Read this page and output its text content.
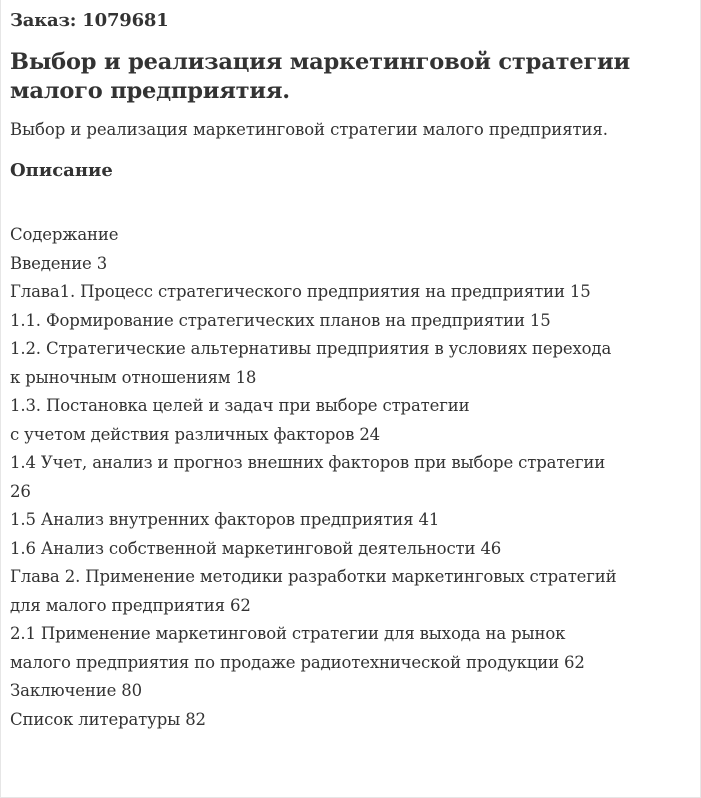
Заказ: 1079681
Выбор и реализация маркетинговой стратегии малого предприятия.
Выбор и реализация маркетинговой стратегии малого предприятия.
Описание
Содержание
Введение 3
Глава1. Процесс стратегического предприятия на предприятии 15
1.1. Формирование стратегических планов на предприятии 15
1.2. Стратегические альтернативы предприятия в условиях перехода
к рыночным отношениям 18
1.3. Постановка целей и задач при выборе стратегии
с учетом действия различных факторов 24
1.4 Учет, анализ и прогноз внешних факторов при выборе стратегии
26
1.5 Анализ внутренних факторов предприятия 41
1.6 Анализ собственной маркетинговой деятельности 46
Глава 2. Применение методики разработки маркетинговых стратегий
для малого предприятия 62
2.1 Применение маркетинговой стратегии для выхода на рынок
малого предприятия по продаже радиотехнической продукции 62
Заключение 80
Список литературы 82
